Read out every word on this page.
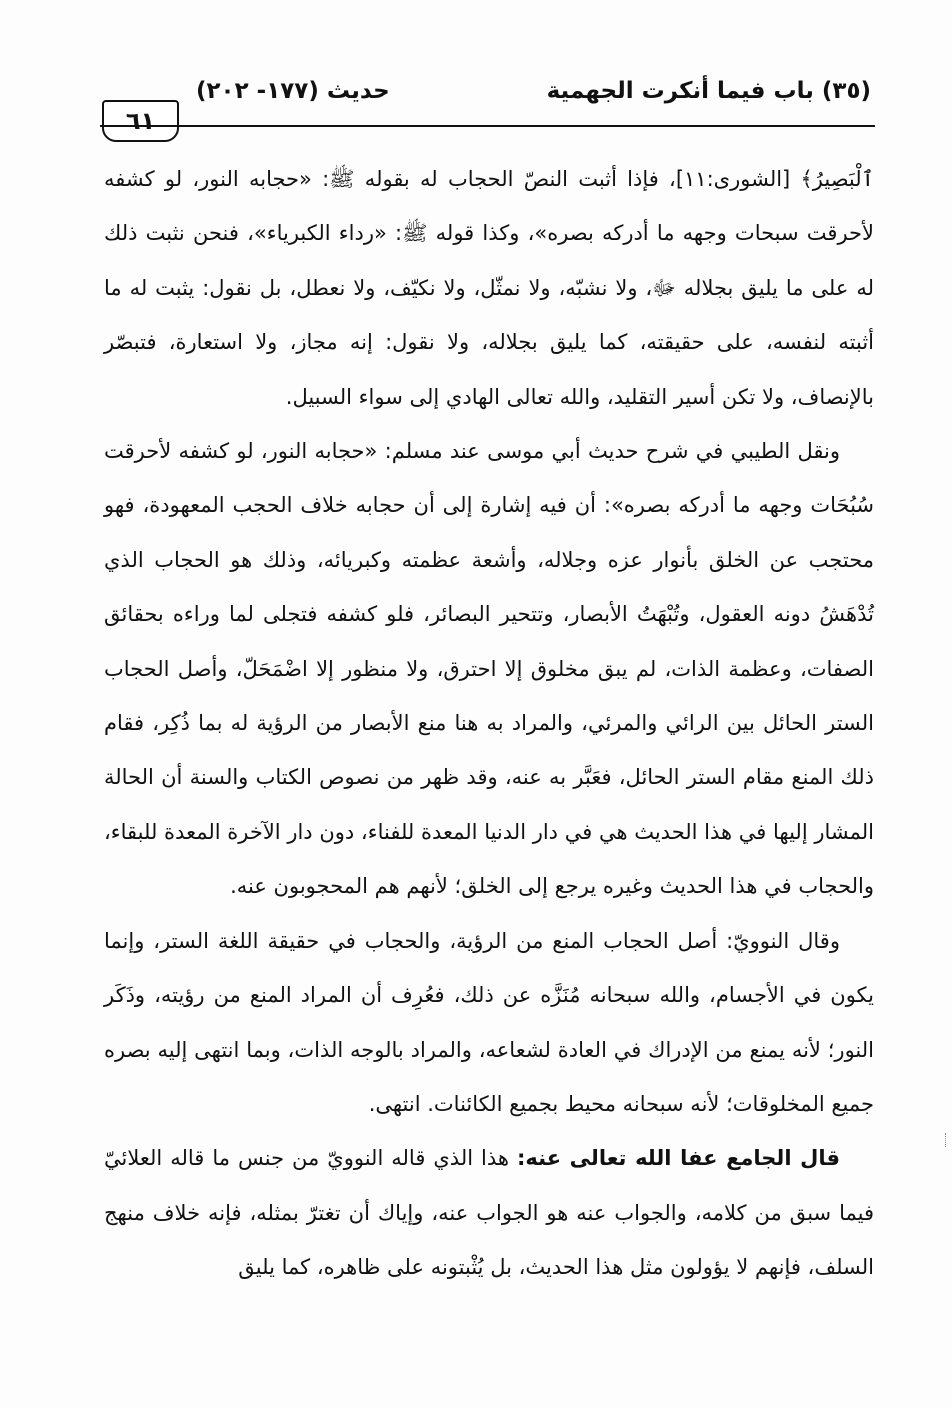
٦١
حديث (١٧٧- ٢٠٢)	(٣٥) باب فيما أنكرت الجهمية

ٱلْبَصِيرُ﴾ [الشورى:١١]، فإذا أثبت النصّ الحجاب له بقوله ﷺ: «حجابه النور، لو كشفه لأحرقت سبحات وجهه ما أدركه بصره»، وكذا قوله ﷺ: «رداء الكبرياء»، فنحن نثبت ذلك له على ما يليق بجلاله ﷻ، ولا نشبّه، ولا نمثّل، ولا نكيّف، ولا نعطل، بل نقول: يثبت له ما أثبته لنفسه، على حقيقته، كما يليق بجلاله، ولا نقول: إنه مجاز، ولا استعارة، فتبصّر بالإنصاف، ولا تكن أسير التقليد، والله تعالى الهادي إلى سواء السبيل.

ونقل الطيبي في شرح حديث أبي موسى عند مسلم: «حجابه النور، لو كشفه لأحرقت سُبُحَات وجهه ما أدركه بصره»: أن فيه إشارة إلى أن حجابه خلاف الحجب المعهودة، فهو محتجب عن الخلق بأنوار عزه وجلاله، وأشعة عظمته وكبريائه، وذلك هو الحجاب الذي تُدْهَشُ دونه العقول، وتُبْهَتُ الأبصار، وتتحير البصائر، فلو كشفه فتجلى لما وراءه بحقائق الصفات، وعظمة الذات، لم يبق مخلوق إلا احترق، ولا منظور إلا اضْمَحَلّ، وأصل الحجاب الستر الحائل بين الرائي والمرئي، والمراد به هنا منع الأبصار من الرؤية له بما ذُكِر، فقام ذلك المنع مقام الستر الحائل، فعَبَّر به عنه، وقد ظهر من نصوص الكتاب والسنة أن الحالة المشار إليها في هذا الحديث هي في دار الدنيا المعدة للفناء، دون دار الآخرة المعدة للبقاء، والحجاب في هذا الحديث وغيره يرجع إلى الخلق؛ لأنهم هم المحجوبون عنه.

وقال النوويّ: أصل الحجاب المنع من الرؤية، والحجاب في حقيقة اللغة الستر، وإنما يكون في الأجسام، والله سبحانه مُنَزَّه عن ذلك، فعُرِف أن المراد المنع من رؤيته، وذَكَر النور؛ لأنه يمنع من الإدراك في العادة لشعاعه، والمراد بالوجه الذات، وبما انتهى إليه بصره جميع المخلوقات؛ لأنه سبحانه محيط بجميع الكائنات. انتهى.

قال الجامع عفا الله تعالى عنه: هذا الذي قاله النوويّ من جنس ما قاله العلائيّ فيما سبق من كلامه، والجواب عنه هو الجواب عنه، وإياك أن تغترّ بمثله، فإنه خلاف منهج السلف، فإنهم لا يؤولون مثل هذا الحديث، بل يُثْبتونه على ظاهره، كما يليق
